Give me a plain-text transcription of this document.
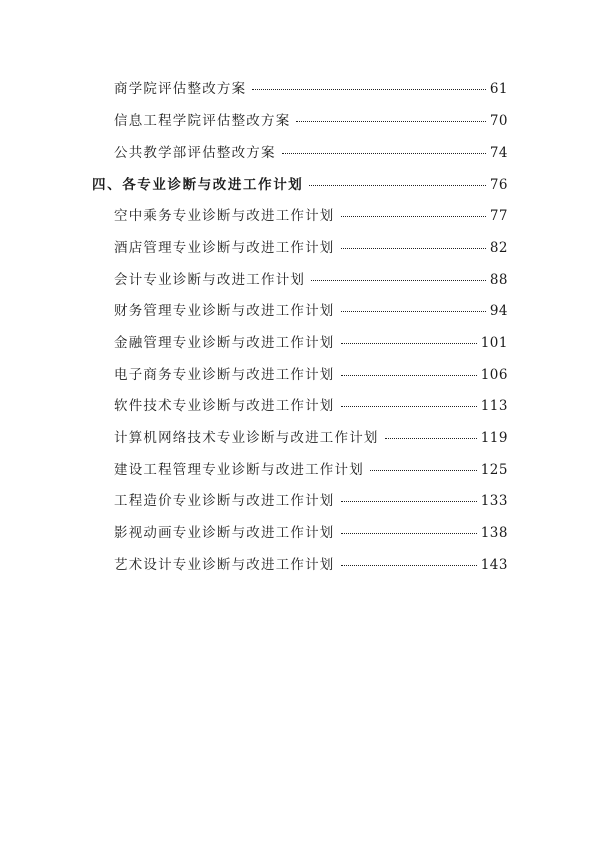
商学院评估整改方案	61
信息工程学院评估整改方案	70
公共教学部评估整改方案	74
四、各专业诊断与改进工作计划	76
空中乘务专业诊断与改进工作计划	77
酒店管理专业诊断与改进工作计划	82
会计专业诊断与改进工作计划	88
财务管理专业诊断与改进工作计划	94
金融管理专业诊断与改进工作计划	101
电子商务专业诊断与改进工作计划	106
软件技术专业诊断与改进工作计划	113
计算机网络技术专业诊断与改进工作计划	119
建设工程管理专业诊断与改进工作计划	125
工程造价专业诊断与改进工作计划	133
影视动画专业诊断与改进工作计划	138
艺术设计专业诊断与改进工作计划	143
